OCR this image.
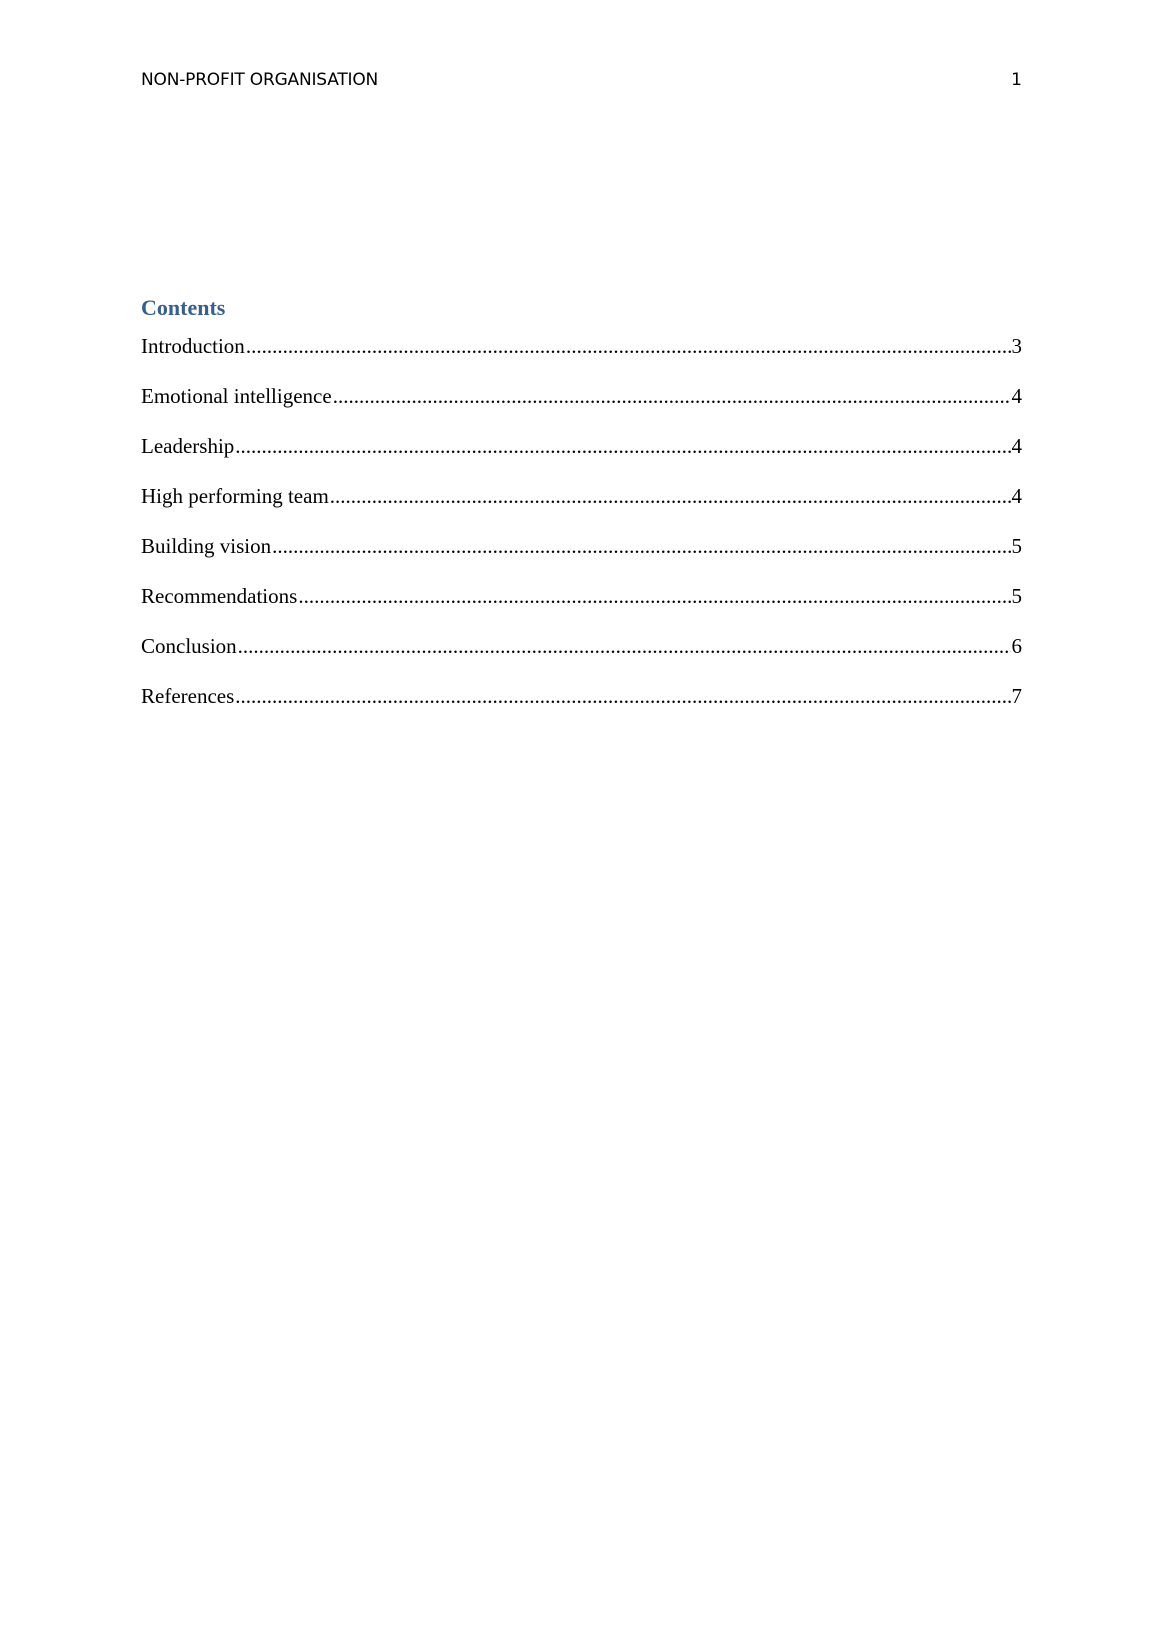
NON-PROFIT ORGANISATION	1
Contents
Introduction .....	3
Emotional intelligence .....	4
Leadership .....	4
High performing team .....	4
Building vision .....	5
Recommendations .....	5
Conclusion .....	6
References .....	7
